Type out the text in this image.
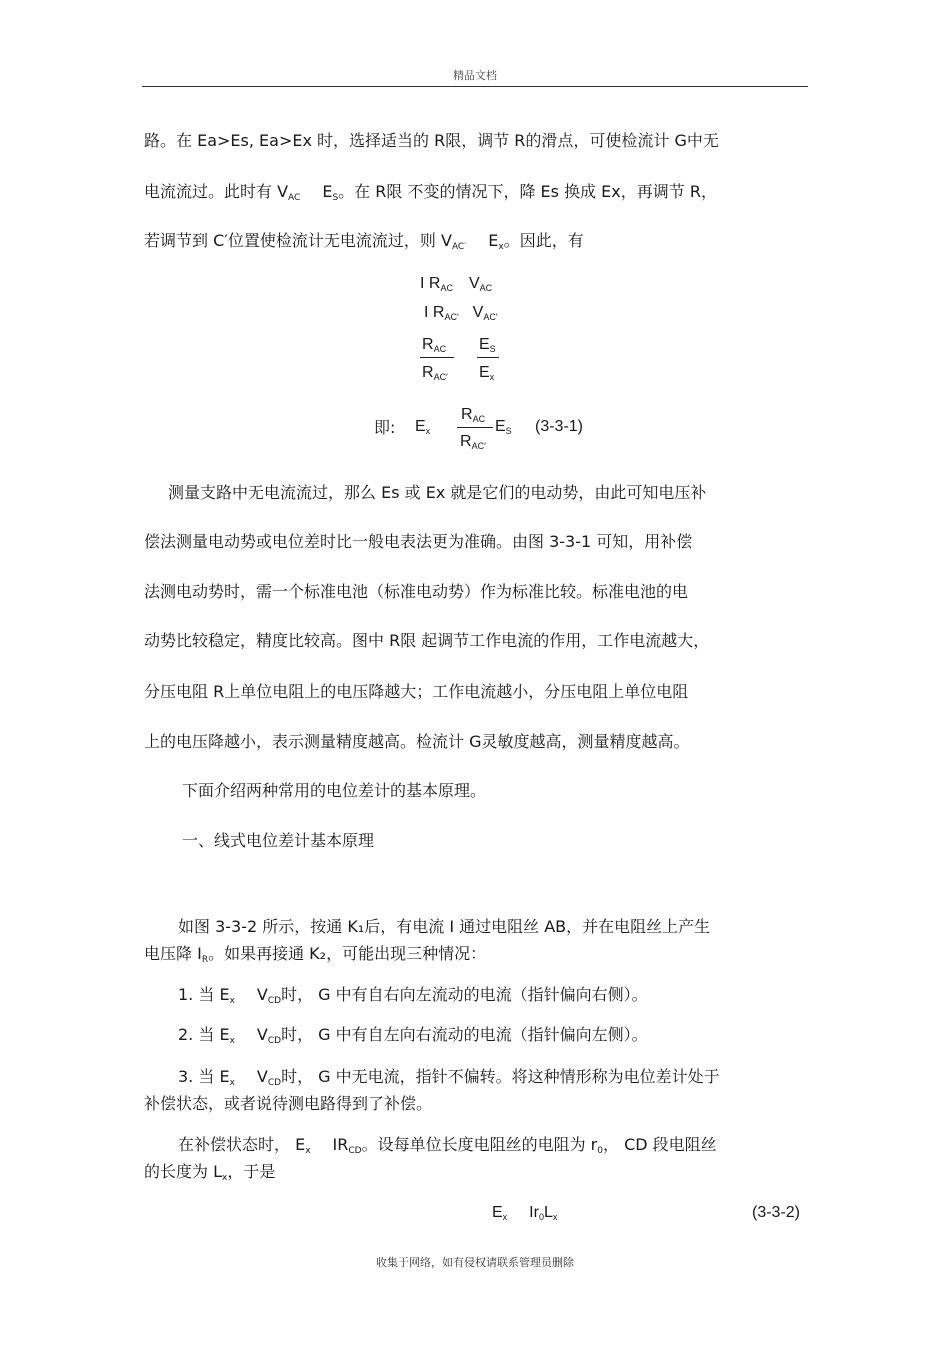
精品文档
路。在 Ea>Es, Ea>Ex 时，选择适当的 R限，调节 R的滑点，可使检流计 G中无
电流流过。此时有 $V_{AC}$ $E_S$。在 R限 不变的情况下，降 Es 换成 Ex，再调节 R，
若调节到 C′位置使检流计无电流流过，则 $V_{AC'}$ $E_x$。因此，有
I $R_{AC}$ $V_{AC}$
I $R_{AC'}$ $V_{AC'}$
$R_{AC}$
$R_{AC'}$
$E_S$
$E_x$
即: $E_x$
$R_{AC}$
$R_{AC'}$
$E_S$ (3-3-1)
测量支路中无电流流过，那么 Es 或 Ex 就是它们的电动势，由此可知电压补
偿法测量电动势或电位差时比一般电表法更为准确。由图 3-3-1 可知，用补偿
法测电动势时，需一个标准电池（标准电动势）作为标准比较。标准电池的电
动势比较稳定，精度比较高。图中 R限 起调节工作电流的作用，工作电流越大，
分压电阻 R上单位电阻上的电压降越大；工作电流越小，分压电阻上单位电阻
上的电压降越小，表示测量精度越高。检流计 G灵敏度越高，测量精度越高。
下面介绍两种常用的电位差计的基本原理。
一、线式电位差计基本原理
如图 3-3-2 所示，按通 K₁后，有电流 I 通过电阻丝 AB，并在电阻丝上产生
电压降 $I_R$。如果再接通 K₂，可能出现三种情况：
1. 当 $E_x$ $V_{CD}$时， G 中有自右向左流动的电流（指针偏向右侧）。
2. 当 $E_x$ $V_{CD}$时， G 中有自左向右流动的电流（指针偏向左侧）。
3. 当 $E_x$ $V_{CD}$时， G 中无电流，指针不偏转。将这种情形称为电位差计处于
补偿状态，或者说待测电路得到了补偿。
在补偿状态时， $E_x$ $IR_{CD}$。设每单位长度电阻丝的电阻为 $r_0$， CD 段电阻丝
的长度为 $L_x$，于是
$E_x$ $Ir_0L_x$	(3-3-2)
收集于网络，如有侵权请联系管理员删除
